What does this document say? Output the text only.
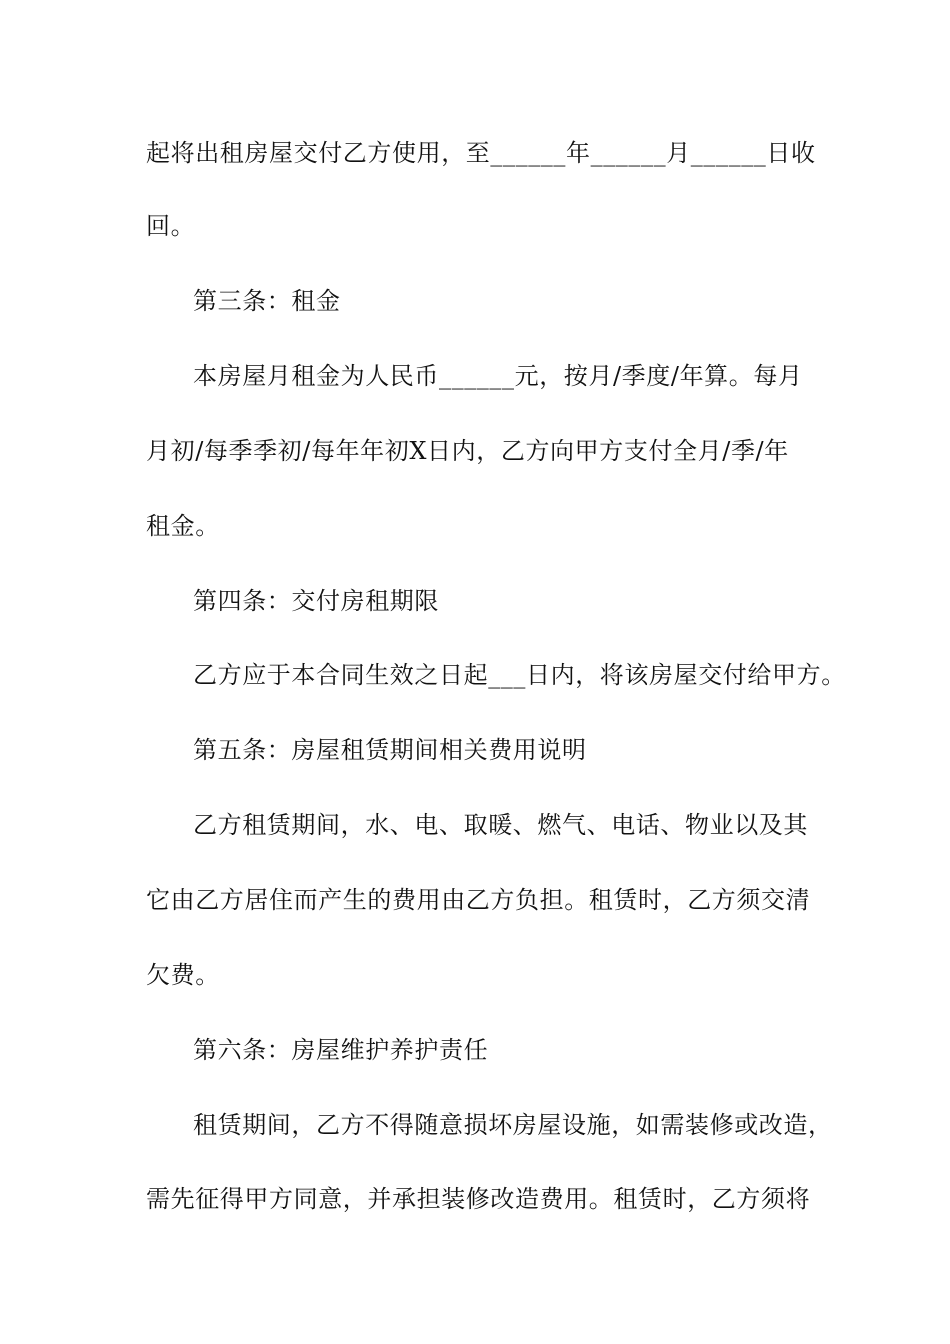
起将出租房屋交付乙方使用，至______年______月______日收
回。
第三条：租金
本房屋月租金为人民币______元，按月/季度/年算。每月
月初/每季季初/每年年初X日内，乙方向甲方支付全月/季/年
租金。
第四条：交付房租期限
乙方应于本合同生效之日起___日内，将该房屋交付给甲方。
第五条：房屋租赁期间相关费用说明
乙方租赁期间，水、电、取暖、燃气、电话、物业以及其
它由乙方居住而产生的费用由乙方负担。租赁时，乙方须交清
欠费。
第六条：房屋维护养护责任
租赁期间，乙方不得随意损坏房屋设施，如需装修或改造，
需先征得甲方同意，并承担装修改造费用。租赁时，乙方须将
